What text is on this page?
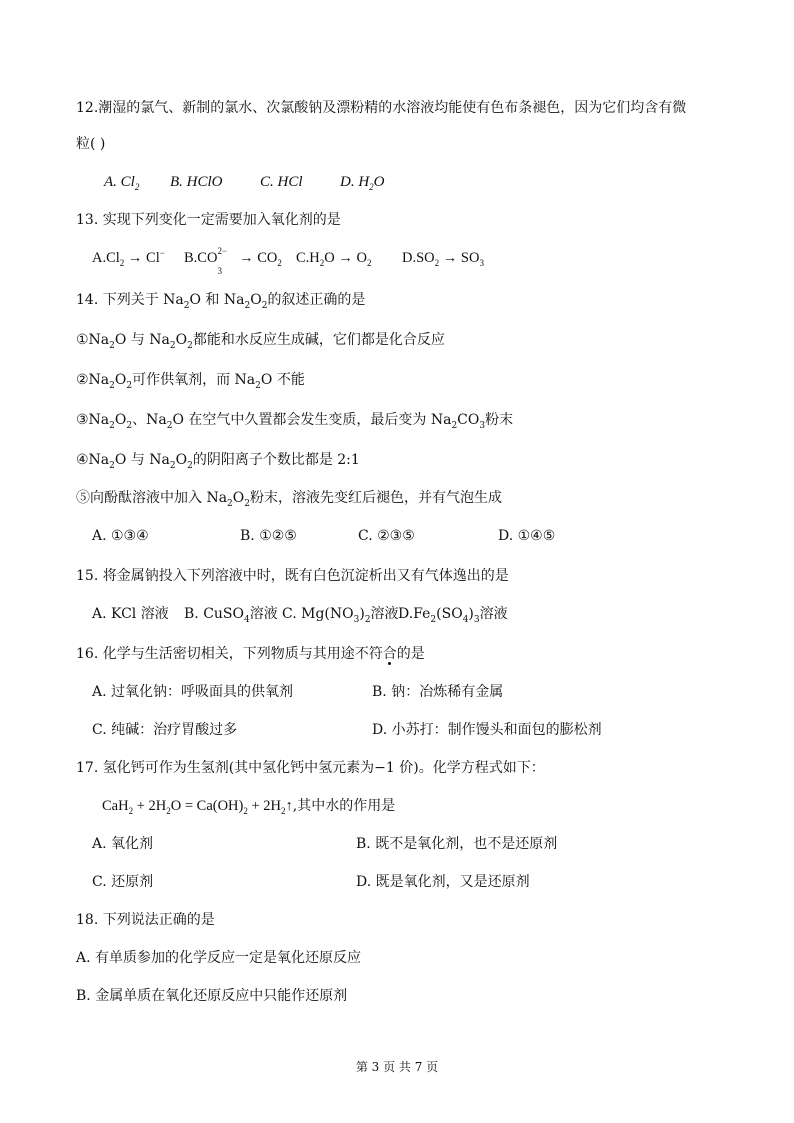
12.潮湿的氯气、新制的氯水、次氯酸钠及漂粉精的水溶液均能使有色布条褪色，因为它们均含有微
粒( )
A. $Cl_2$ B. HClO	C. HCl D. $H_2O$
13. 实现下列变化一定需要加入氧化剂的是
$A.Cl_2 \to Cl^-$ B.CO
3
$2- \to CO_2$ $C.H_2O \to O_2$ $D.SO_2 \to SO_3$
14. 下列关于 $Na_2O$ 和 $Na_2O_2$的叙述正确的是
$①Na_2O$ 与 $Na_2O_2$都能和水反应生成碱，它们都是化合反应
$②Na_2O_2$可作供氧剂，而 $Na_2O$ 不能
$③Na_2O_2$、$Na_2O$ 在空气中久置都会发生变质，最后变为 $Na_2CO_3$粉末
$④Na_2O$ 与 $Na_2O_2$的阴阳离子个数比都是 2:1
⑤向酚酞溶液中加入 $Na_2O_2$粉末，溶液先变红后褪色，并有气泡生成
A. ①③④	B. ①②⑤	C. ②③⑤	D. ①④⑤
15. 将金属钠投入下列溶液中时，既有白色沉淀析出又有气体逸出的是
A. KCl 溶液 B. CuSO$_4$溶液 C. $Mg(NO_3)_2$溶液 $D.Fe_2(SO_4)_3$溶液
16. 化学与生活密切相关，下列物质与其用途不符合的是
A. 过氧化钠：呼吸面具的供氧剂	B. 钠：冶炼稀有金属
C. 纯碱：治疗胃酸过多	D. 小苏打：制作馒头和面包的膨松剂
17. 氢化钙可作为生氢剂(其中氢化钙中氢元素为−1 价)。化学方程式如下：
$CaH_2 + 2H_2O = Ca(OH)_2$ + $2H_2↑$,其中水的作用是
A. 氧化剂	B. 既不是氧化剂，也不是还原剂
C. 还原剂	D. 既是氧化剂，又是还原剂
18. 下列说法正确的是
A. 有单质参加的化学反应一定是氧化还原反应
B. 金属单质在氧化还原反应中只能作还原剂
第 3 页 共 7 页
